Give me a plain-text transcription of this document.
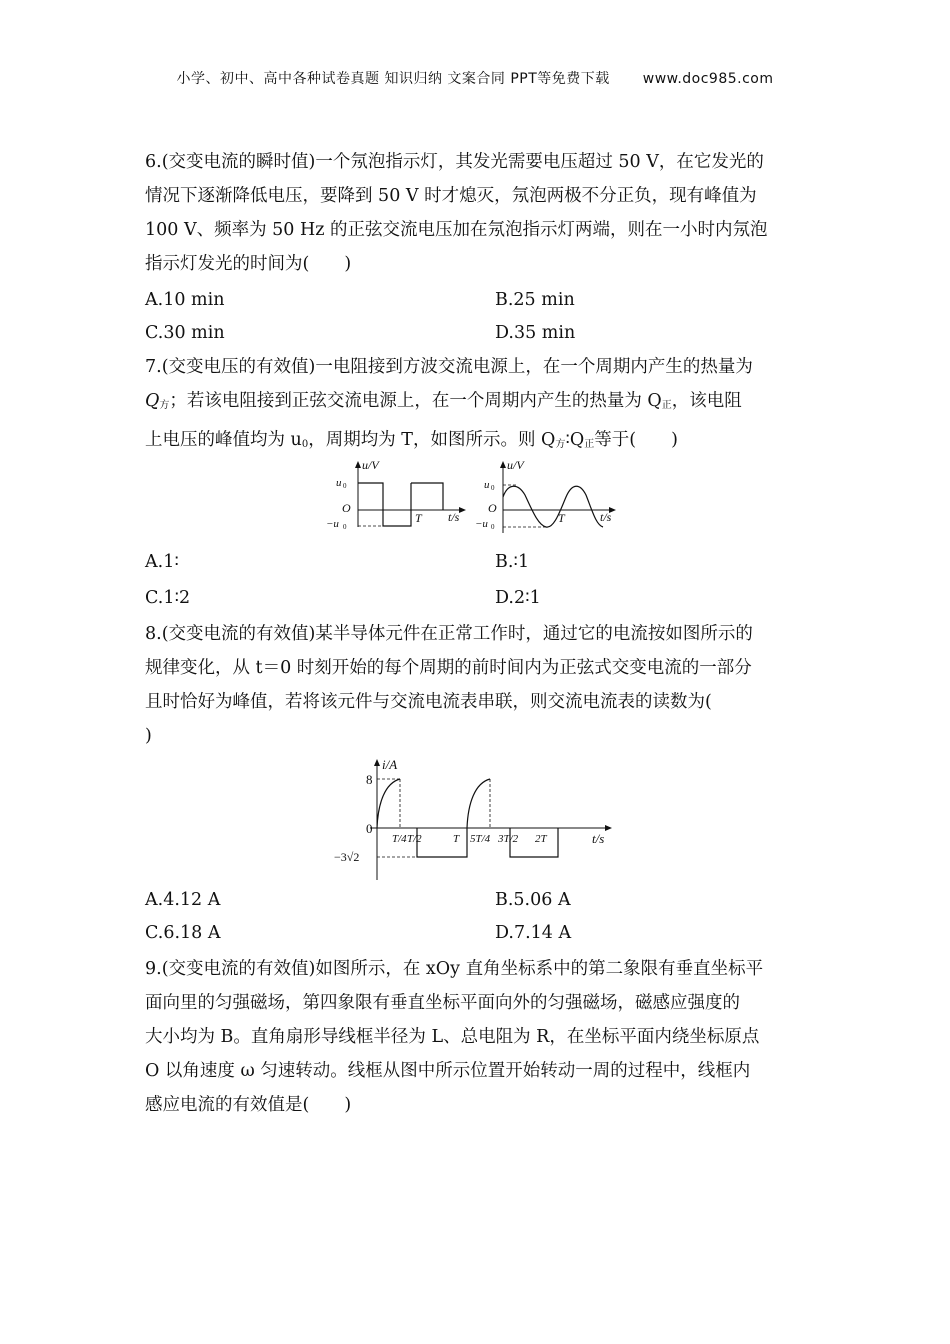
小学、初中、高中各种试卷真题 知识归纳 文案合同 PPT等免费下载 www.doc985.com
6.(交变电流的瞬时值)一个氖泡指示灯，其发光需要电压超过 50 V，在它发光的
情况下逐渐降低电压，要降到 50 V 时才熄灭，氖泡两极不分正负，现有峰值为
100 V、频率为 50 Hz 的正弦交流电压加在氖泡指示灯两端，则在一小时内氖泡
指示灯发光的时间为(　　)
A.10 min	B.25 min
C.30 min	D.35 min
7.(交变电压的有效值)一电阻接到方波交流电源上，在一个周期内产生的热量为
$Q_方$；若该电阻接到正弦交流电源上，在一个周期内产生的热量为 $Q_正$，该电阻
上电压的峰值均为 $u_0$，周期均为 T，如图所示。则 $Q_方∶Q_正$等于(　　)
u/V
t/s
u 0
O
−u 0
T
u/V
t/s
u 0
O
−u 0
T
A.1∶	B.∶1
C.1∶2	D.2∶1
8.(交变电流的有效值)某半导体元件在正常工作时，通过它的电流按如图所示的
规律变化，从 t＝0 时刻开始的每个周期的前时间内为正弦式交变电流的一部分
且时恰好为峰值，若将该元件与交流电流表串联，则交流电流表的读数为(
)
i/A
t/s
8
0
−3√2
T/4 T/2	T 5T/4 3T/2 2T
A.4.12 A	B.5.06 A
C.6.18 A	D.7.14 A
9.(交变电流的有效值)如图所示，在 xOy 直角坐标系中的第二象限有垂直坐标平
面向里的匀强磁场，第四象限有垂直坐标平面向外的匀强磁场，磁感应强度的
大小均为 B。直角扇形导线框半径为 L、总电阻为 R，在坐标平面内绕坐标原点
O 以角速度 ω 匀速转动。线框从图中所示位置开始转动一周的过程中，线框内
感应电流的有效值是(　　)
